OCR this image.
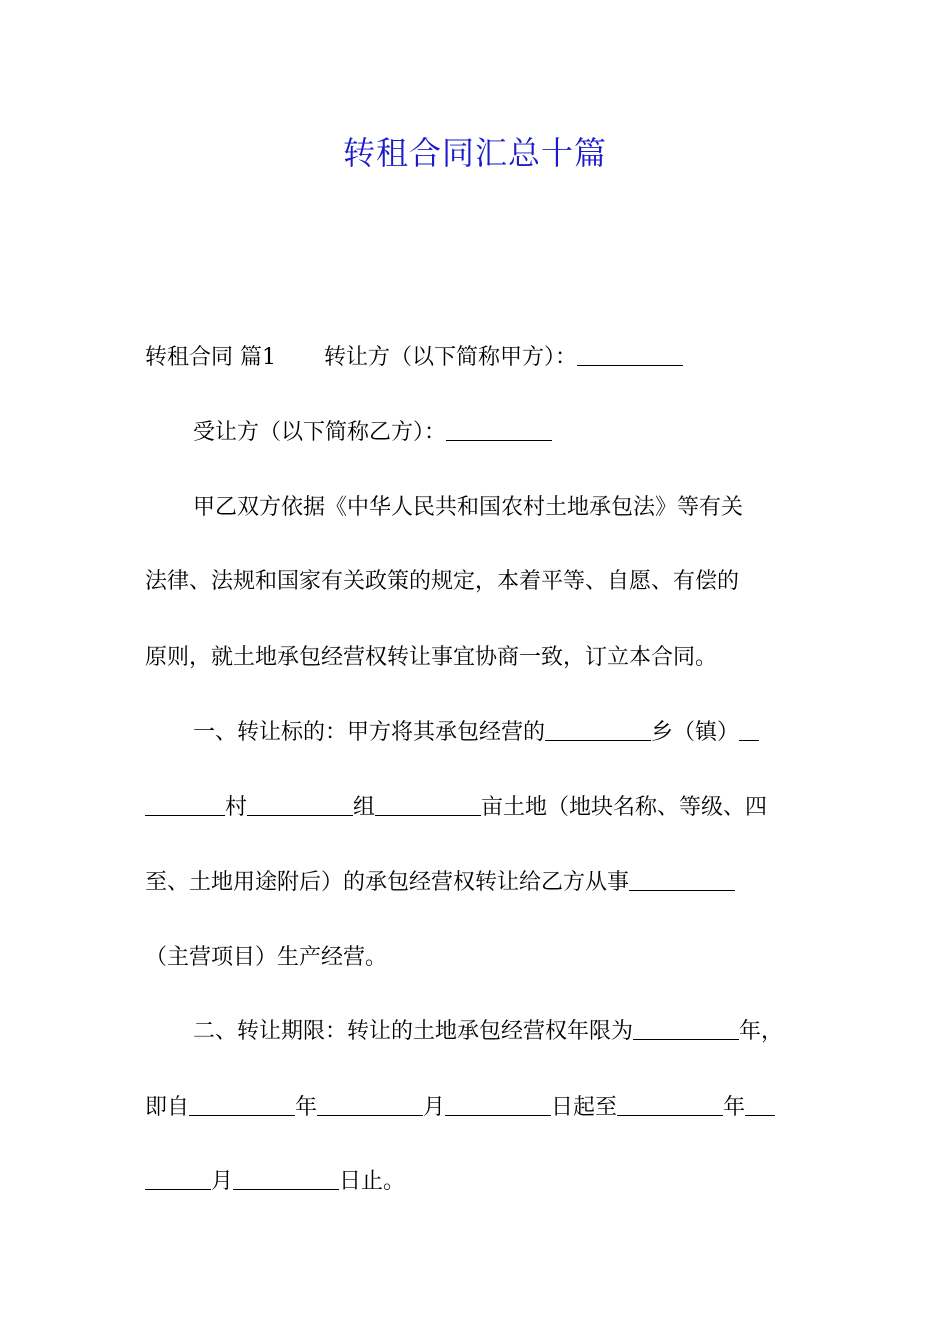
转租合同汇总十篇
转租合同 篇1 转让方（以下简称甲方）：
受让方（以下简称乙方）：
甲乙双方依据《中华人民共和国农村土地承包法》等有关
法律、法规和国家有关政策的规定，本着平等、自愿、有偿的
原则，就土地承包经营权转让事宜协商一致，订立本合同。
一、转让标的：甲方将其承包经营的	乡（镇）
村	组	亩土地（地块名称、等级、四
至、土地用途附后）的承包经营权转让给乙方从事
（主营项目）生产经营。
二、转让期限：转让的土地承包经营权年限为	年，
即自	年	月	日起至	年
月	日止。
